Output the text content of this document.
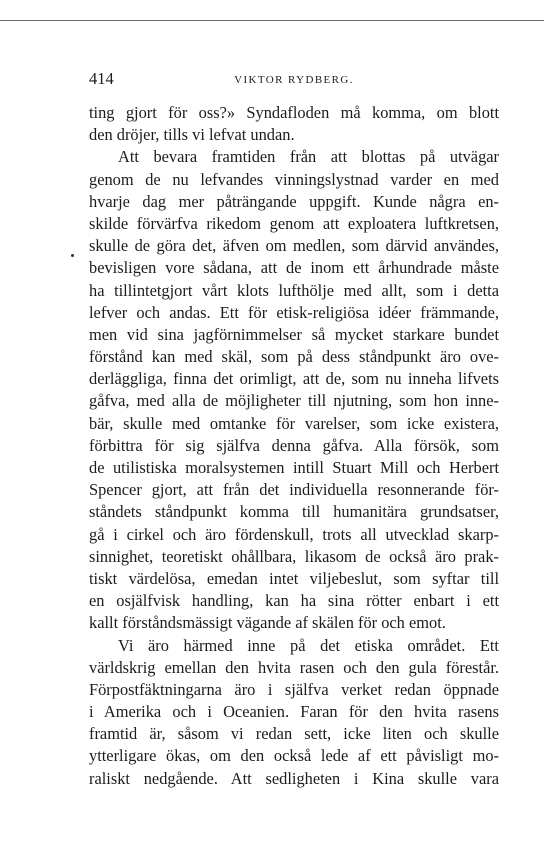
414	VIKTOR RYDBERG.
ting gjort för oss?» Syndafloden må komma, om blott
den dröjer, tills vi lefvat undan.
Att bevara framtiden från att blottas på utvägar
genom de nu lefvandes vinningslystnad varder en med
hvarje dag mer påträngande uppgift. Kunde några en-
skilde förvärfva rikedom genom att exploatera luftkretsen,
skulle de göra det, äfven om medlen, som därvid användes,
bevisligen vore sådana, att de inom ett århundrade måste
ha tillintetgjort vårt klots lufthölje med allt, som i detta
lefver och andas. Ett för etisk-religiösa idéer främmande,
men vid sina jagförnimmelser så mycket starkare bundet
förstånd kan med skäl, som på dess ståndpunkt äro ove-
derläggliga, finna det orimligt, att de, som nu inneha lifvets
gåfva, med alla de möjligheter till njutning, som hon inne-
bär, skulle med omtanke för varelser, som icke existera,
förbittra för sig själfva denna gåfva. Alla försök, som
de utilistiska moralsystemen intill Stuart Mill och Herbert
Spencer gjort, att från det individuella resonnerande för-
ståndets ståndpunkt komma till humanitära grundsatser,
gå i cirkel och äro fördenskull, trots all utvecklad skarp-
sinnighet, teoretiskt ohållbara, likasom de också äro prak-
tiskt värdelösa, emedan intet viljebeslut, som syftar till
en osjälfvisk handling, kan ha sina rötter enbart i ett
kallt förståndsmässigt vägande af skälen för och emot.
Vi äro härmed inne på det etiska området. Ett
världskrig emellan den hvita rasen och den gula förestår.
Förpostfäktningarna äro i själfva verket redan öppnade
i Amerika och i Oceanien. Faran för den hvita rasens
framtid är, såsom vi redan sett, icke liten och skulle
ytterligare ökas, om den också lede af ett påvisligt mo-
raliskt nedgående. Att sedligheten i Kina skulle vara
